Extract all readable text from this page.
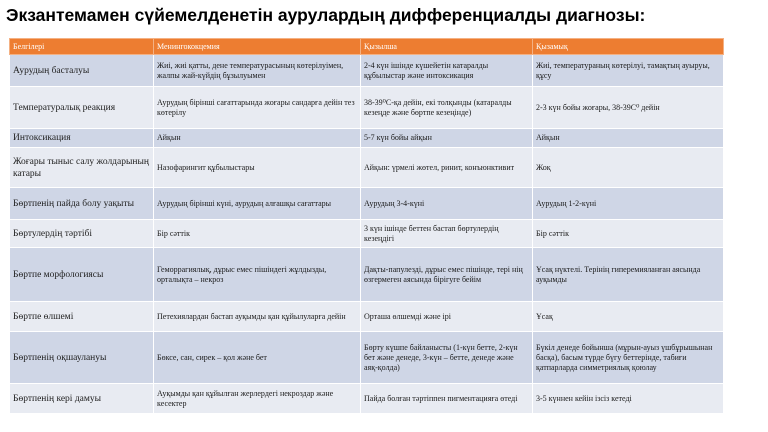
Экзантемамен сүйемелденетін аурулардың дифференциалды диагнозы:
Белгілері	Менингококцемия	Қызылша	Қызамық
Аурудың басталуы	Жиі, жиі қатты, дене температурасының көтерілуімен, жалпы жай-күйдің бұзылуымен	2-4 күн ішінде күшейетін катаралды құбылыстар және интоксикация	Жиі, температураның көтерілуі, тамақтың ауыруы, құсу
Температуралық реакция	Аурудың бірінші сағаттарында жоғары сандарға дейін тез көтерілу	38-39⁰С-қа дейін, екі толқынды (катаралды кезеңде және бөртпе кезеңінде)	2-3 күн бойы жоғары, 38-39С⁰ дейін
Интоксикация	Айқын	5-7 күн бойы айқын	Айқын
Жоғары тыныс салу жолдарының катары	Назофарингит құбылыстары	Айқын: үрмелі жөтел, ринит, конъюнктивит	Жоқ
Бөртпенің пайда болу уақыты	Аурудың бірінші күні, аурудың алғашқы сағаттары	Аурудың 3-4-күні	Аурудың 1-2-күні
Бөртулердің тәртібі	Бір сәттік	3 күн ішінде беттен бастап бөртулердің кезеңдігі	Бір сәттік
Бөртпе морфологиясы	Геморрагиялық, дұрыс емес пішіндегі жұлдызды, орталықта – некроз	Дақты-папулезді, дұрыс емес пішінде, тері нің өзгермеген аясында бірігуге бейім	Ұсақ нүктелі. Терінің гиперемияланған аясында ауқымды
Бөртпе өлшемі	Петехиялардан бастап ауқымды қан құйылуларға дейін	Орташа өлшемді және ірі	Ұсақ
Бөртпенің оқшаулануы	Бөксе, сан, сирек – қол және бет	Бөрту күшпе байланысты (1-күн бетте, 2-күн бет және денеде, 3-күн – бетте, денеде және аяқ-қолда)	Бүкіл денеде бойынша (мұрын-ауыз үшбұрышынан басқа), басым түрде бүгу беттерінде, табиғи қатпарларда симметриялық қоюлау
Бөртпенің кері дамуы	Ауқымды қан құйылған жерлердегі некроздар және кесектер	Пайда болған тәртіппен пигментацияға өтеді	3-5 күннен кейін ізсіз кетеді
